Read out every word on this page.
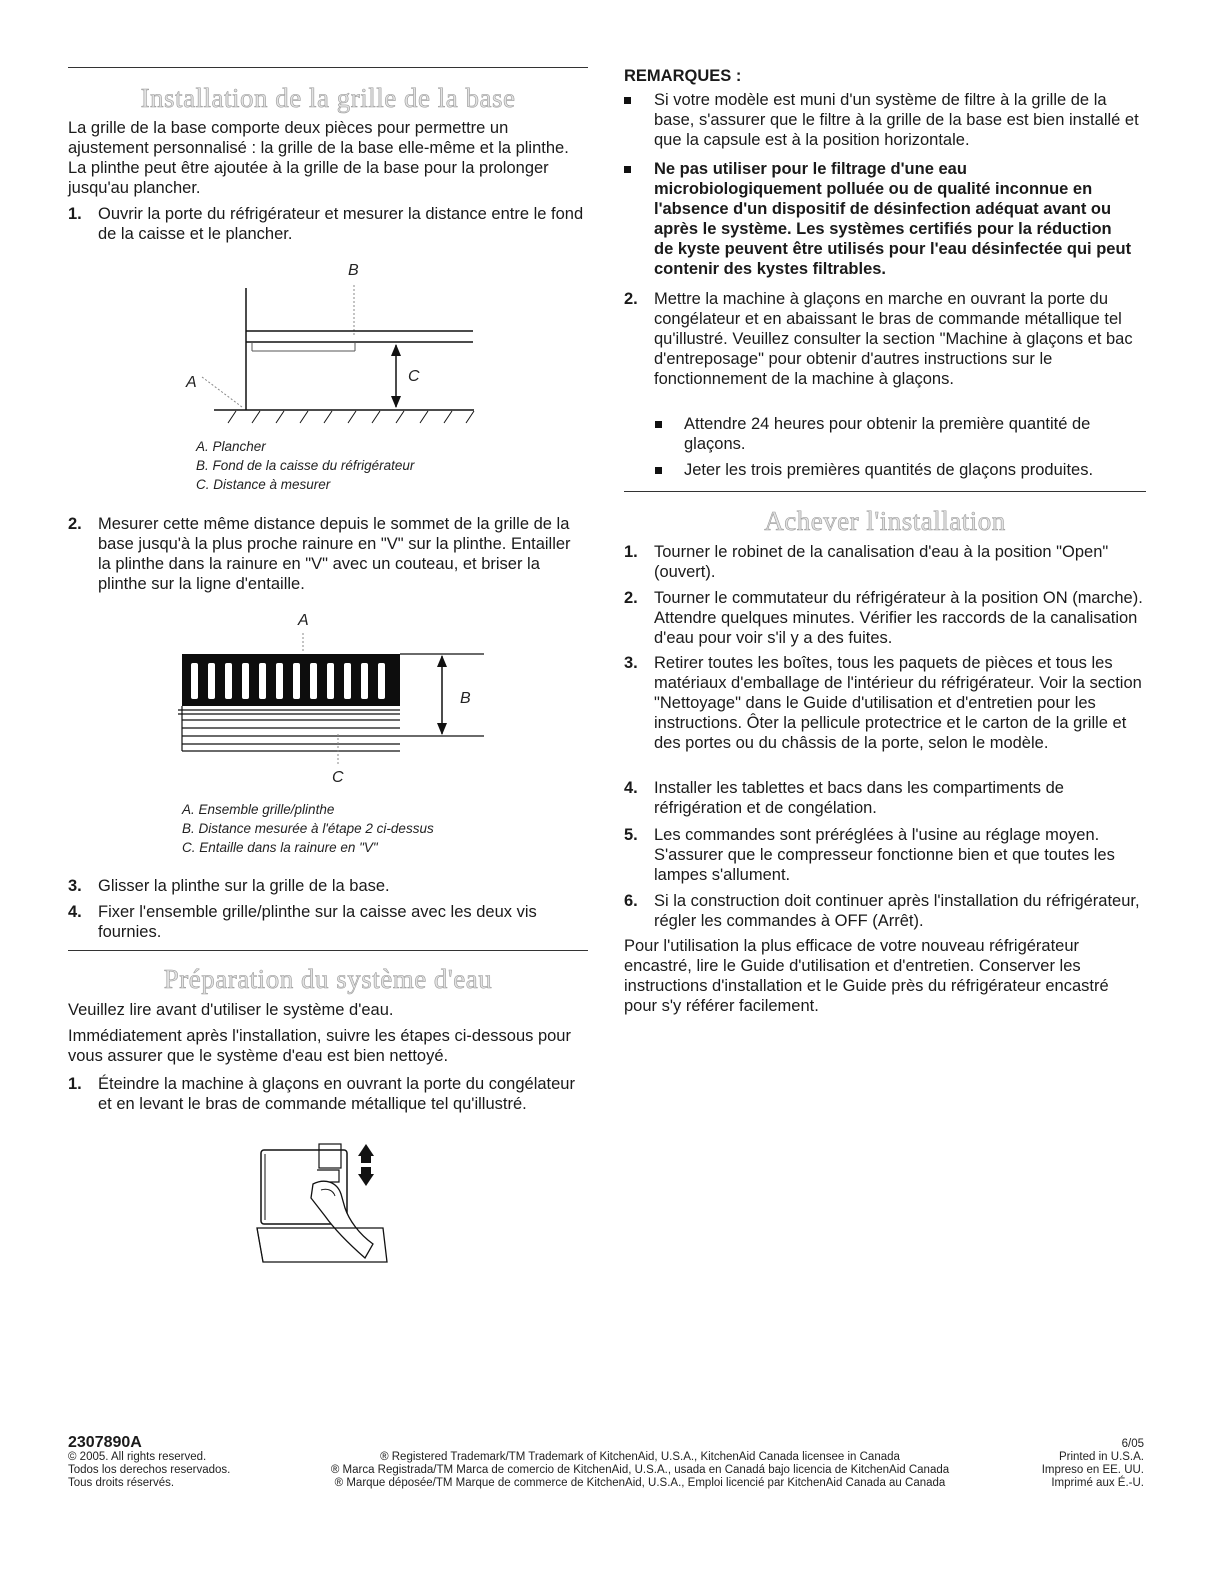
Installation de la grille de la base

La grille de la base comporte deux pièces pour permettre un ajustement personnalisé : la grille de la base elle-même et la plinthe. La plinthe peut être ajoutée à la grille de la base pour la prolonger jusqu'au plancher.

1. Ouvrir la porte du réfrigérateur et mesurer la distance entre le fond de la caisse et le plancher.

B
C
A
A. Plancher
B. Fond de la caisse du réfrigérateur
C. Distance à mesurer
2. Mesurer cette même distance depuis le sommet de la grille de la base jusqu'à la plus proche rainure en "V" sur la plinthe. Entailler la plinthe dans la rainure en "V" avec un couteau, et briser la plinthe sur la ligne d'entaille.

A
B
C
A. Ensemble grille/plinthe
B. Distance mesurée à l'étape 2 ci-dessus
C. Entaille dans la rainure en "V"
3. Glisser la plinthe sur la grille de la base.

4. Fixer l'ensemble grille/plinthe sur la caisse avec les deux vis fournies.

Préparation du système d'eau

Veuillez lire avant d'utiliser le système d'eau.

Immédiatement après l'installation, suivre les étapes ci-dessous pour vous assurer que le système d'eau est bien nettoyé.

1. Éteindre la machine à glaçons en ouvrant la porte du congélateur et en levant le bras de commande métallique tel qu'illustré.

REMARQUES :

Si votre modèle est muni d'un système de filtre à la grille de la base, s'assurer que le filtre à la grille de la base est bien installé et que la capsule est à la position horizontale.

Ne pas utiliser pour le filtrage d'une eau microbiologiquement polluée ou de qualité inconnue en l'absence d'un dispositif de désinfection adéquat avant ou après le système. Les systèmes certifiés pour la réduction de kyste peuvent être utilisés pour l'eau désinfectée qui peut contenir des kystes filtrables.

2. Mettre la machine à glaçons en marche en ouvrant la porte du congélateur et en abaissant le bras de commande métallique tel qu'illustré. Veuillez consulter la section "Machine à glaçons et bac d'entreposage" pour obtenir d'autres instructions sur le fonctionnement de la machine à glaçons.

Attendre 24 heures pour obtenir la première quantité de glaçons.

Jeter les trois premières quantités de glaçons produites.

Achever l'installation
1. Tourner le robinet de la canalisation d'eau à la position "Open" (ouvert).

2. Tourner le commutateur du réfrigérateur à la position ON (marche). Attendre quelques minutes. Vérifier les raccords de la canalisation d'eau pour voir s'il y a des fuites.

3. Retirer toutes les boîtes, tous les paquets de pièces et tous les matériaux d'emballage de l'intérieur du réfrigérateur. Voir la section "Nettoyage" dans le Guide d'utilisation et d'entretien pour les instructions. Ôter la pellicule protectrice et le carton de la grille et des portes ou du châssis de la porte, selon le modèle.

4. Installer les tablettes et bacs dans les compartiments de réfrigération et de congélation.

5. Les commandes sont préréglées à l'usine au réglage moyen. S'assurer que le compresseur fonctionne bien et que toutes les lampes s'allument.

6. Si la construction doit continuer après l'installation du réfrigérateur, régler les commandes à OFF (Arrêt).

Pour l'utilisation la plus efficace de votre nouveau réfrigérateur encastré, lire le Guide d'utilisation et d'entretien. Conserver les instructions d'installation et le Guide près du réfrigérateur encastré pour s'y référer facilement.

2307890A	6/05
© 2005. All rights reserved.
Todos los derechos reservados.
Tous droits réservés.
® Registered Trademark/TM Trademark of KitchenAid, U.S.A., KitchenAid Canada licensee in Canada
® Marca Registrada/TM Marca de comercio de KitchenAid, U.S.A., usada en Canadá bajo licencia de KitchenAid Canada
® Marque déposée/TM Marque de commerce de KitchenAid, U.S.A., Emploi licencié par KitchenAid Canada au Canada
Printed in U.S.A.
Impreso en EE. UU.
Imprimé aux É.-U.
